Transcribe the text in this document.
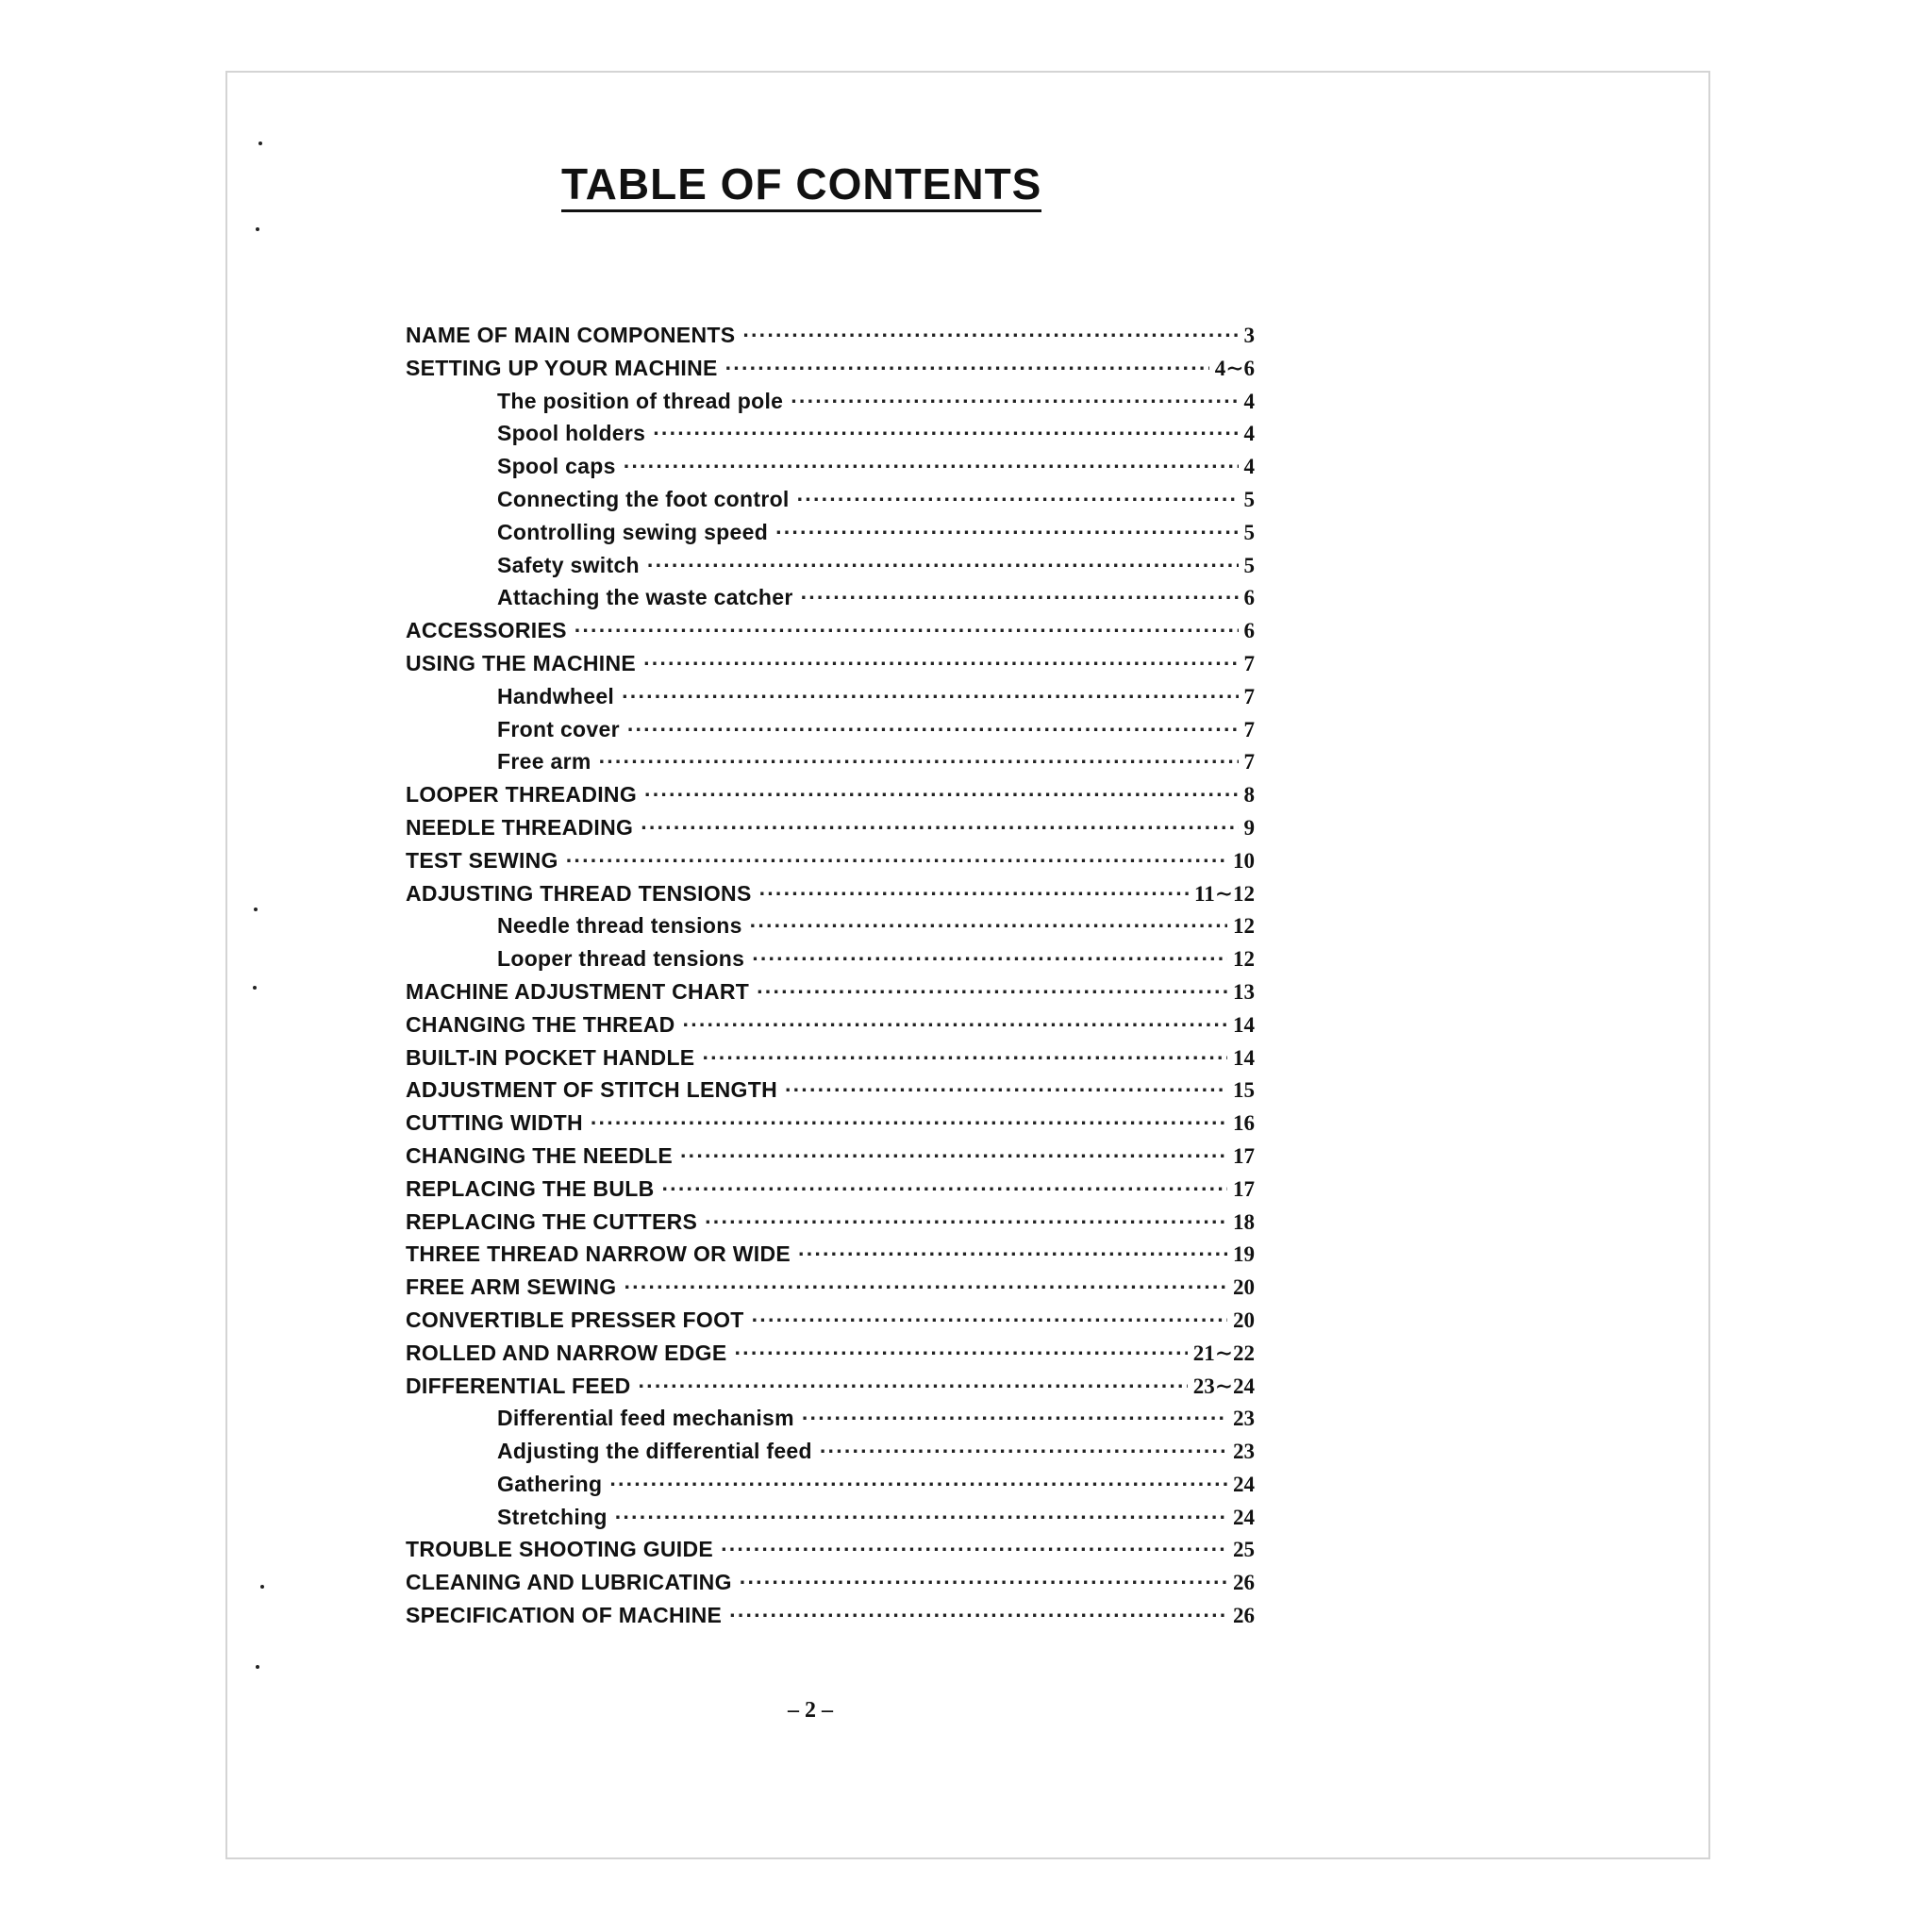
TABLE OF CONTENTS
NAME OF MAIN COMPONENTS ·····	3
SETTING UP YOUR MACHINE ·····	4∼6
The position of thread pole ·····	4
Spool holders ·····	4
Spool caps ·····	4
Connecting the foot control ·····	5
Controlling sewing speed ·····	5
Safety switch ·····	5
Attaching the waste catcher ·····	6
ACCESSORIES ·····	6
USING THE MACHINE ·····	7
Handwheel ·····	7
Front cover ·····	7
Free arm ·····	7
LOOPER THREADING ·····	8
NEEDLE THREADING ·····	9
TEST SEWING ·····	10
ADJUSTING THREAD TENSIONS ·····	11∼12
Needle thread tensions ·····	12
Looper thread tensions ·····	12
MACHINE ADJUSTMENT CHART ·····	13
CHANGING THE THREAD ·····	14
BUILT-IN POCKET HANDLE ·····	14
ADJUSTMENT OF STITCH LENGTH ·····	15
CUTTING WIDTH ·····	16
CHANGING THE NEEDLE ·····	17
REPLACING THE BULB ·····	17
REPLACING THE CUTTERS ·····	18
THREE THREAD NARROW OR WIDE ·····	19
FREE ARM SEWING ·····	20
CONVERTIBLE PRESSER FOOT ·····	20
ROLLED AND NARROW EDGE ·····	21∼22
DIFFERENTIAL FEED ·····	23∼24
Differential feed mechanism ·····	23
Adjusting the differential feed ·····	23
Gathering ·····	24
Stretching ·····	24
TROUBLE SHOOTING GUIDE ·····	25
CLEANING AND LUBRICATING ·····	26
SPECIFICATION OF MACHINE ·····	26
– 2 –
